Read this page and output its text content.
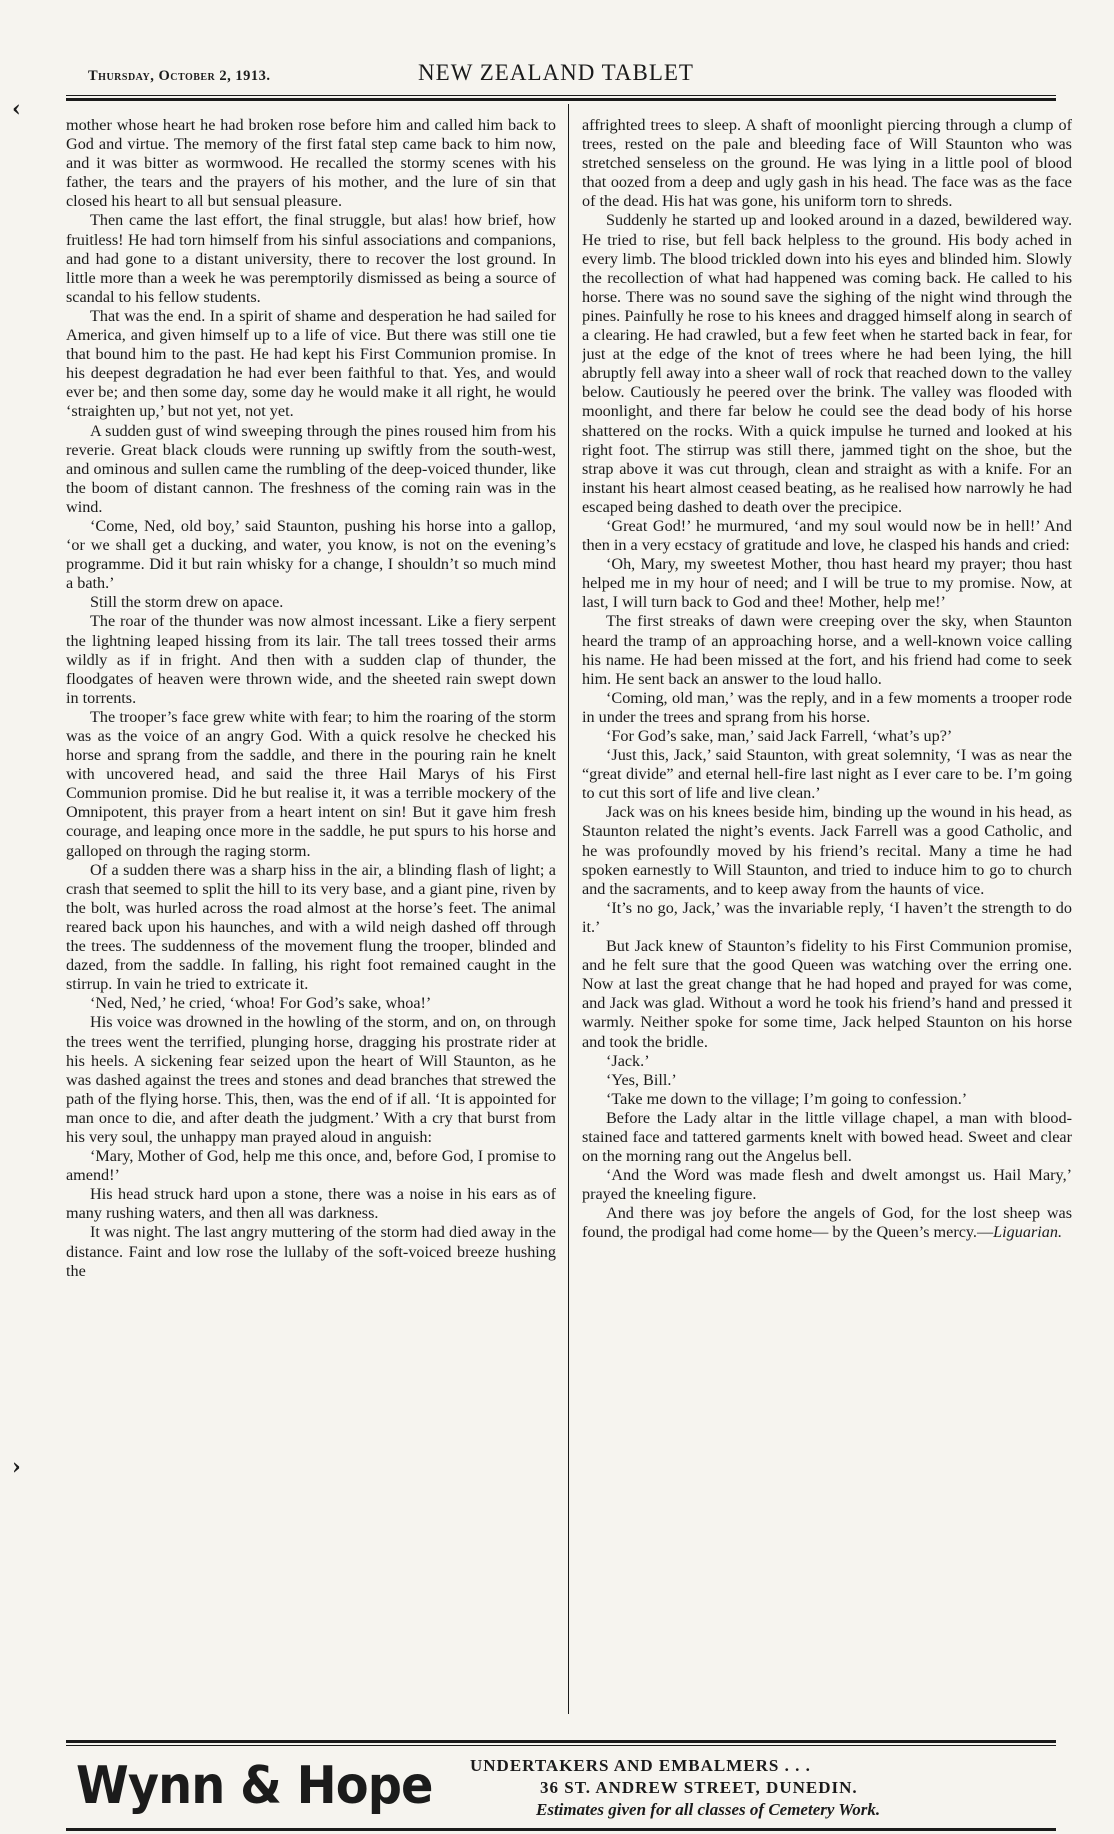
Thursday, October 2, 1913.	NEW ZEALAND TABLET
‹
›

mother whose heart he had broken rose before him and called him back to God and virtue. The memory of the first fatal step came back to him now, and it was bitter as wormwood. He recalled the stormy scenes with his father, the tears and the prayers of his mother, and the lure of sin that closed his heart to all but sensual pleasure.

Then came the last effort, the final struggle, but alas! how brief, how fruitless! He had torn himself from his sinful associations and companions, and had gone to a distant university, there to recover the lost ground. In little more than a week he was peremptorily dismissed as being a source of scandal to his fellow students.

That was the end. In a spirit of shame and desperation he had sailed for America, and given himself up to a life of vice. But there was still one tie that bound him to the past. He had kept his First Communion promise. In his deepest degradation he had ever been faithful to that. Yes, and would ever be; and then some day, some day he would make it all right, he would ‘straighten up,’ but not yet, not yet.

A sudden gust of wind sweeping through the pines roused him from his reverie. Great black clouds were running up swiftly from the south-west, and ominous and sullen came the rumbling of the deep-voiced thunder, like the boom of distant cannon. The freshness of the coming rain was in the wind.

‘Come, Ned, old boy,’ said Staunton, pushing his horse into a gallop, ‘or we shall get a ducking, and water, you know, is not on the evening’s programme. Did it but rain whisky for a change, I shouldn’t so much mind a bath.’

Still the storm drew on apace.

The roar of the thunder was now almost incessant. Like a fiery serpent the lightning leaped hissing from its lair. The tall trees tossed their arms wildly as if in fright. And then with a sudden clap of thunder, the floodgates of heaven were thrown wide, and the sheeted rain swept down in torrents.

The trooper’s face grew white with fear; to him the roaring of the storm was as the voice of an angry God. With a quick resolve he checked his horse and sprang from the saddle, and there in the pouring rain he knelt with uncovered head, and said the three Hail Marys of his First Communion promise. Did he but realise it, it was a terrible mockery of the Omnipotent, this prayer from a heart intent on sin! But it gave him fresh courage, and leaping once more in the saddle, he put spurs to his horse and galloped on through the raging storm.

Of a sudden there was a sharp hiss in the air, a blinding flash of light; a crash that seemed to split the hill to its very base, and a giant pine, riven by the bolt, was hurled across the road almost at the horse’s feet. The animal reared back upon his haunches, and with a wild neigh dashed off through the trees. The suddenness of the movement flung the trooper, blinded and dazed, from the saddle. In falling, his right foot remained caught in the stirrup. In vain he tried to extricate it.

‘Ned, Ned,’ he cried, ‘whoa! For God’s sake, whoa!’

His voice was drowned in the howling of the storm, and on, on through the trees went the terrified, plunging horse, dragging his prostrate rider at his heels. A sickening fear seized upon the heart of Will Staunton, as he was dashed against the trees and stones and dead branches that strewed the path of the flying horse. This, then, was the end of if all. ‘It is appointed for man once to die, and after death the judgment.’ With a cry that burst from his very soul, the unhappy man prayed aloud in anguish:

‘Mary, Mother of God, help me this once, and, before God, I promise to amend!’

His head struck hard upon a stone, there was a noise in his ears as of many rushing waters, and then all was darkness.

It was night. The last angry muttering of the storm had died away in the distance. Faint and low rose the lullaby of the soft-voiced breeze hushing the

affrighted trees to sleep. A shaft of moonlight piercing through a clump of trees, rested on the pale and bleeding face of Will Staunton who was stretched senseless on the ground. He was lying in a little pool of blood that oozed from a deep and ugly gash in his head. The face was as the face of the dead. His hat was gone, his uniform torn to shreds.

Suddenly he started up and looked around in a dazed, bewildered way. He tried to rise, but fell back helpless to the ground. His body ached in every limb. The blood trickled down into his eyes and blinded him. Slowly the recollection of what had happened was coming back. He called to his horse. There was no sound save the sighing of the night wind through the pines. Painfully he rose to his knees and dragged himself along in search of a clearing. He had crawled, but a few feet when he started back in fear, for just at the edge of the knot of trees where he had been lying, the hill abruptly fell away into a sheer wall of rock that reached down to the valley below. Cautiously he peered over the brink. The valley was flooded with moonlight, and there far below he could see the dead body of his horse shattered on the rocks. With a quick impulse he turned and looked at his right foot. The stirrup was still there, jammed tight on the shoe, but the strap above it was cut through, clean and straight as with a knife. For an instant his heart almost ceased beating, as he realised how narrowly he had escaped being dashed to death over the precipice.

‘Great God!’ he murmured, ‘and my soul would now be in hell!’ And then in a very ecstacy of gratitude and love, he clasped his hands and cried:

‘Oh, Mary, my sweetest Mother, thou hast heard my prayer; thou hast helped me in my hour of need; and I will be true to my promise. Now, at last, I will turn back to God and thee! Mother, help me!’

The first streaks of dawn were creeping over the sky, when Staunton heard the tramp of an approaching horse, and a well-known voice calling his name. He had been missed at the fort, and his friend had come to seek him. He sent back an answer to the loud hallo.

‘Coming, old man,’ was the reply, and in a few moments a trooper rode in under the trees and sprang from his horse.

‘For God’s sake, man,’ said Jack Farrell, ‘what’s up?’

‘Just this, Jack,’ said Staunton, with great solemnity, ‘I was as near the “great divide” and eternal hell-fire last night as I ever care to be. I’m going to cut this sort of life and live clean.’

Jack was on his knees beside him, binding up the wound in his head, as Staunton related the night’s events. Jack Farrell was a good Catholic, and he was profoundly moved by his friend’s recital. Many a time he had spoken earnestly to Will Staunton, and tried to induce him to go to church and the sacraments, and to keep away from the haunts of vice.

‘It’s no go, Jack,’ was the invariable reply, ‘I haven’t the strength to do it.’

But Jack knew of Staunton’s fidelity to his First Communion promise, and he felt sure that the good Queen was watching over the erring one. Now at last the great change that he had hoped and prayed for was come, and Jack was glad. Without a word he took his friend’s hand and pressed it warmly. Neither spoke for some time, Jack helped Staunton on his horse and took the bridle.

‘Jack.’

‘Yes, Bill.’

‘Take me down to the village; I’m going to confession.’

Before the Lady altar in the little village chapel, a man with blood-stained face and tattered garments knelt with bowed head. Sweet and clear on the morning rang out the Angelus bell.

‘And the Word was made flesh and dwelt amongst us. Hail Mary,’ prayed the kneeling figure.

And there was joy before the angels of God, for the lost sheep was found, the prodigal had come home— by the Queen’s mercy.—Liguarian.

Wynn & Hope UNDERTAKERS AND EMBALMERS . . .
36 ST. ANDREW STREET, DUNEDIN.
Estimates given for all classes of Cemetery Work.
